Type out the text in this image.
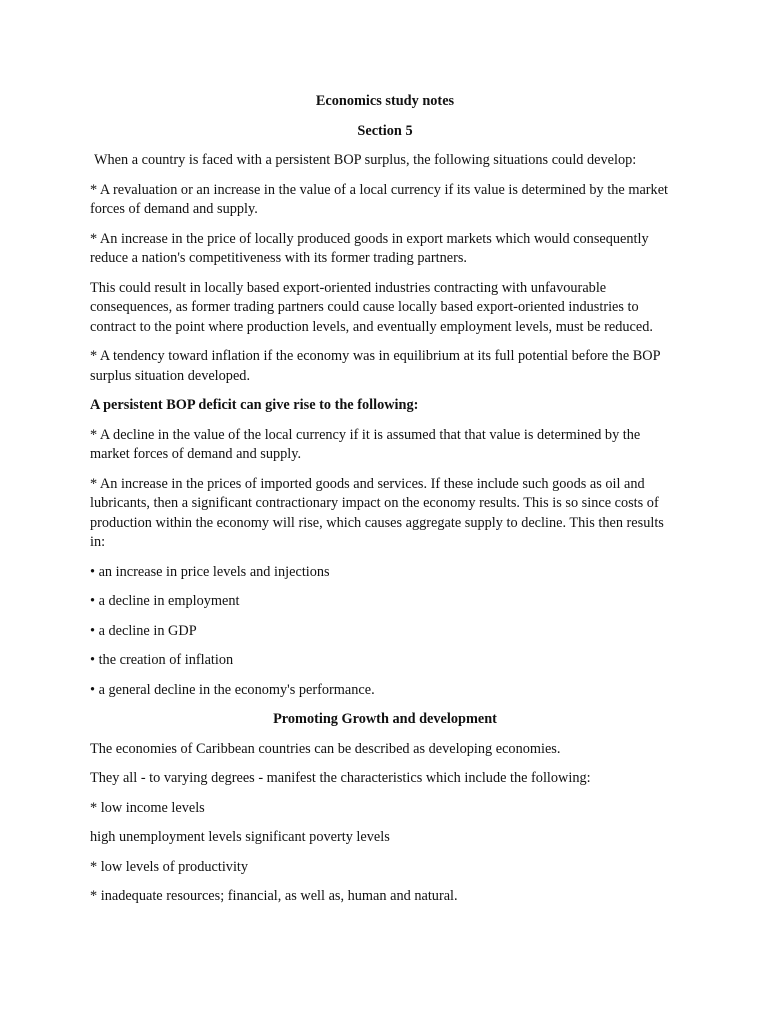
Economics study notes

Section 5

When a country is faced with a persistent BOP surplus, the following situations could develop:

* A revaluation or an increase in the value of a local currency if its value is determined by the market forces of demand and supply.

* An increase in the price of locally produced goods in export markets which would consequently reduce a nation's competitiveness with its former trading partners.

This could result in locally based export-oriented industries contracting with unfavourable consequences, as former trading partners could cause locally based export-oriented industries to contract to the point where production levels, and eventually employment levels, must be reduced.

* A tendency toward inflation if the economy was in equilibrium at its full potential before the BOP surplus situation developed.

A persistent BOP deficit can give rise to the following:

* A decline in the value of the local currency if it is assumed that that value is determined by the market forces of demand and supply.

* An increase in the prices of imported goods and services. If these include such goods as oil and lubricants, then a significant contractionary impact on the economy results. This is so since costs of production within the economy will rise, which causes aggregate supply to decline. This then results in:

• an increase in price levels and injections

• a decline in employment

• a decline in GDP

• the creation of inflation

• a general decline in the economy's performance.

Promoting Growth and development

The economies of Caribbean countries can be described as developing economies.

They all - to varying degrees - manifest the characteristics which include the following:

* low income levels

high unemployment levels significant poverty levels

* low levels of productivity

* inadequate resources; financial, as well as, human and natural.
